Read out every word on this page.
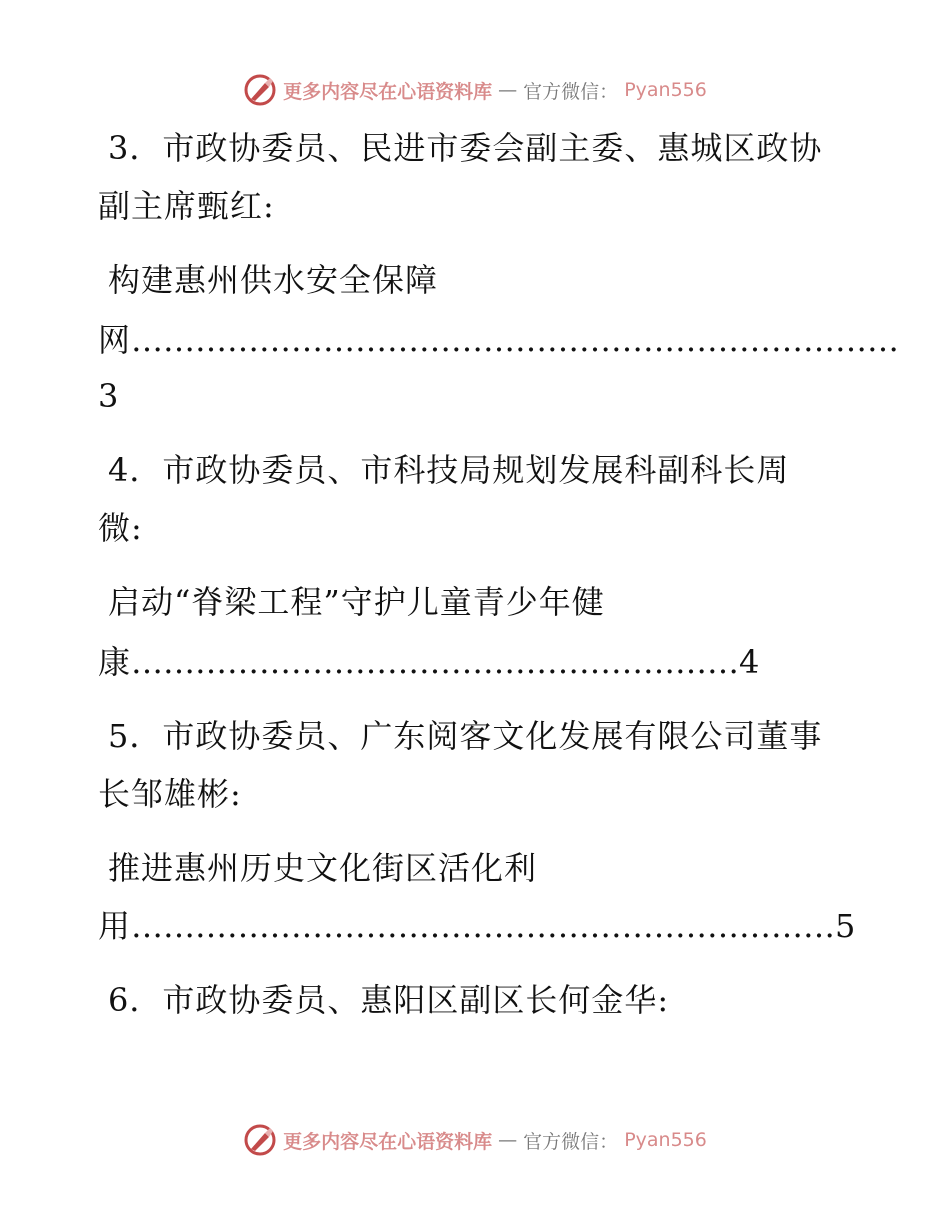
更多内容尽在心语资料库 — 官方微信： Pyan556
3．市政协委员、民进市委会副主委、惠城区政协
副主席甄红:
构建惠州供水安全保障
网………………………………………………………………
3
4．市政协委员、市科技局规划发展科副科长周
微:
启动“脊梁工程”守护儿童青少年健
康…………………………………………………4
5．市政协委员、广东阅客文化发展有限公司董事
长邹雄彬:
推进惠州历史文化街区活化利
用…………………………………………………………5
6．市政协委员、惠阳区副区长何金华:
更多内容尽在心语资料库 — 官方微信： Pyan556
